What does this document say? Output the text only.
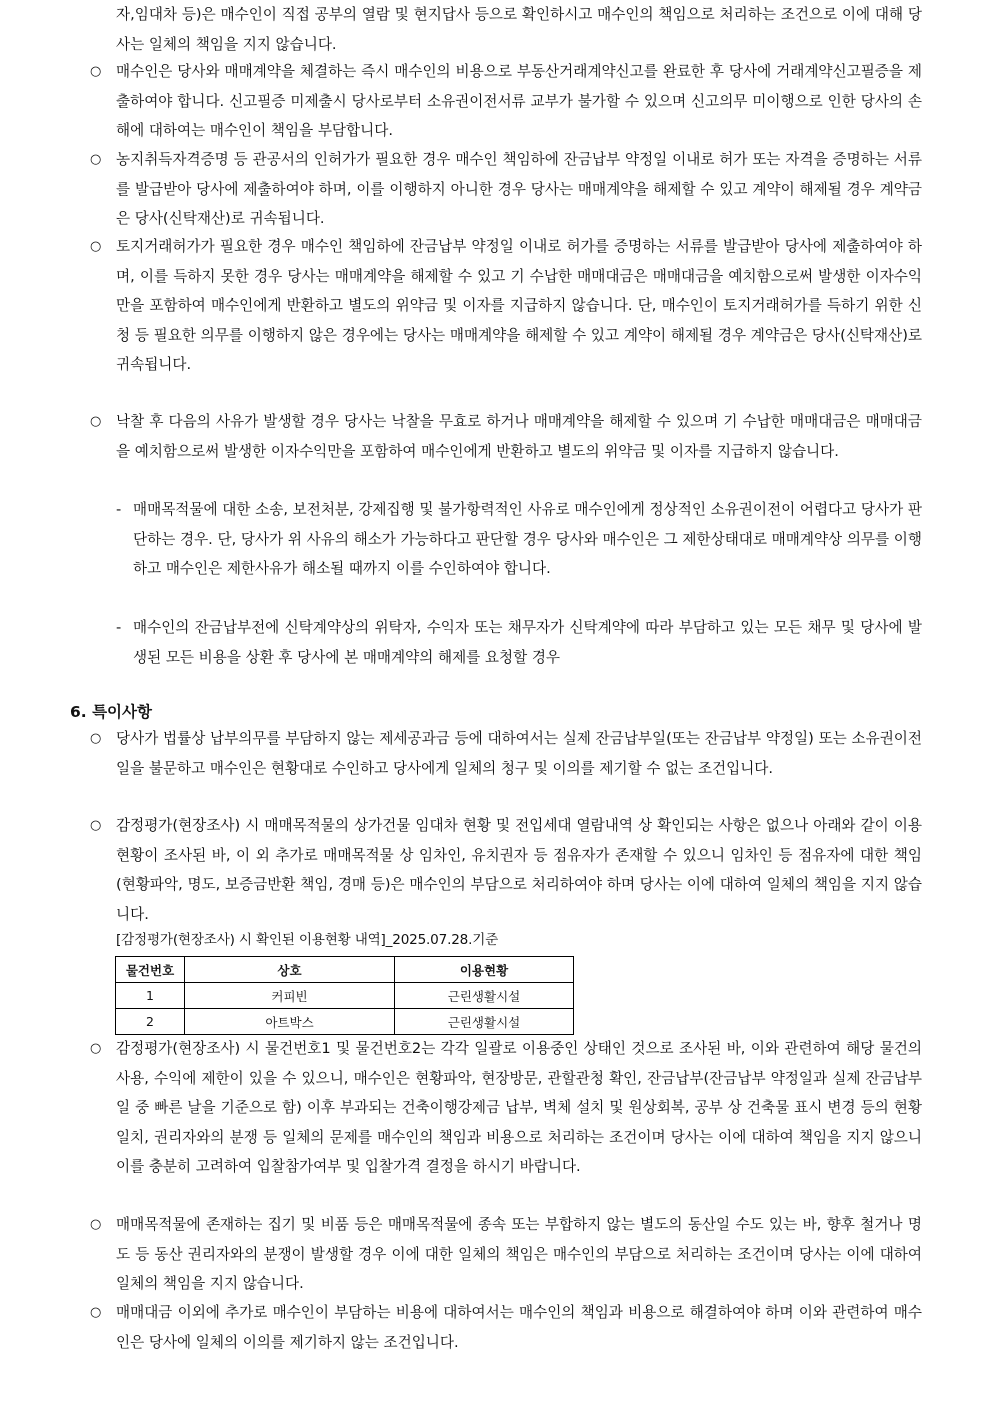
자,임대차 등)은 매수인이 직접 공부의 열람 및 현지답사 등으로 확인하시고 매수인의 책임으로 처리하는 조건으로 이에 대해 당사는 일체의 책임을 지지 않습니다.
○	매수인은 당사와 매매계약을 체결하는 즉시 매수인의 비용으로 부동산거래계약신고를 완료한 후 당사에 거래계약신고필증을 제출하여야 합니다. 신고필증 미제출시 당사로부터 소유권이전서류 교부가 불가할 수 있으며 신고의무 미이행으로 인한 당사의 손해에 대하여는 매수인이 책임을 부담합니다.
○	농지취득자격증명 등 관공서의 인허가가 필요한 경우 매수인 책임하에 잔금납부 약정일 이내로 허가 또는 자격을 증명하는 서류를 발급받아 당사에 제출하여야 하며, 이를 이행하지 아니한 경우 당사는 매매계약을 해제할 수 있고 계약이 해제될 경우 계약금은 당사(신탁재산)로 귀속됩니다.
○	토지거래허가가 필요한 경우 매수인 책임하에 잔금납부 약정일 이내로 허가를 증명하는 서류를 발급받아 당사에 제출하여야 하며, 이를 득하지 못한 경우 당사는 매매계약을 해제할 수 있고 기 수납한 매매대금은 매매대금을 예치함으로써 발생한 이자수익만을 포함하여 매수인에게 반환하고 별도의 위약금 및 이자를 지급하지 않습니다. 단, 매수인이 토지거래허가를 득하기 위한 신청 등 필요한 의무를 이행하지 않은 경우에는 당사는 매매계약을 해제할 수 있고 계약이 해제될 경우 계약금은 당사(신탁재산)로 귀속됩니다.
○	낙찰 후 다음의 사유가 발생할 경우 당사는 낙찰을 무효로 하거나 매매계약을 해제할 수 있으며 기 수납한 매매대금은 매매대금을 예치함으로써 발생한 이자수익만을 포함하여 매수인에게 반환하고 별도의 위약금 및 이자를 지급하지 않습니다.
- 매매목적물에 대한 소송, 보전처분, 강제집행 및 불가항력적인 사유로 매수인에게 정상적인 소유권이전이 어렵다고 당사가 판단하는 경우. 단, 당사가 위 사유의 해소가 가능하다고 판단할 경우 당사와 매수인은 그 제한상태대로 매매계약상 의무를 이행하고 매수인은 제한사유가 해소될 때까지 이를 수인하여야 합니다.
- 매수인의 잔금납부전에 신탁계약상의 위탁자, 수익자 또는 채무자가 신탁계약에 따라 부담하고 있는 모든 채무 및 당사에 발생된 모든 비용을 상환 후 당사에 본 매매계약의 해제를 요청할 경우
6. 특이사항
○	당사가 법률상 납부의무를 부담하지 않는 제세공과금 등에 대하여서는 실제 잔금납부일(또는 잔금납부 약정일) 또는 소유권이전일을 불문하고 매수인은 현황대로 수인하고 당사에게 일체의 청구 및 이의를 제기할 수 없는 조건입니다.
○	감정평가(현장조사) 시 매매목적물의 상가건물 임대차 현황 및 전입세대 열람내역 상 확인되는 사항은 없으나 아래와 같이 이용현황이 조사된 바, 이 외 추가로 매매목적물 상 임차인, 유치권자 등 점유자가 존재할 수 있으니 임차인 등 점유자에 대한 책임(현황파악, 명도, 보증금반환 책임, 경매 등)은 매수인의 부담으로 처리하여야 하며 당사는 이에 대하여 일체의 책임을 지지 않습니다.
[감정평가(현장조사) 시 확인된 이용현황 내역]_2025.07.28.기준
물건번호	상호	이용현황
1	커피빈	근린생활시설
2	아트박스	근린생활시설
○	감정평가(현장조사) 시 물건번호1 및 물건번호2는 각각 일괄로 이용중인 상태인 것으로 조사된 바, 이와 관련하여 해당 물건의 사용, 수익에 제한이 있을 수 있으니, 매수인은 현황파악, 현장방문, 관할관청 확인, 잔금납부(잔금납부 약정일과 실제 잔금납부일 중 빠른 날을 기준으로 함) 이후 부과되는 건축이행강제금 납부, 벽체 설치 및 원상회복, 공부 상 건축물 표시 변경 등의 현황일치, 권리자와의 분쟁 등 일체의 문제를 매수인의 책임과 비용으로 처리하는 조건이며 당사는 이에 대하여 책임을 지지 않으니 이를 충분히 고려하여 입찰참가여부 및 입찰가격 결정을 하시기 바랍니다.
○	매매목적물에 존재하는 집기 및 비품 등은 매매목적물에 종속 또는 부합하지 않는 별도의 동산일 수도 있는 바, 향후 철거나 명도 등 동산 권리자와의 분쟁이 발생할 경우 이에 대한 일체의 책임은 매수인의 부담으로 처리하는 조건이며 당사는 이에 대하여 일체의 책임을 지지 않습니다.
○	매매대금 이외에 추가로 매수인이 부담하는 비용에 대하여서는 매수인의 책임과 비용으로 해결하여야 하며 이와 관련하여 매수인은 당사에 일체의 이의를 제기하지 않는 조건입니다.
